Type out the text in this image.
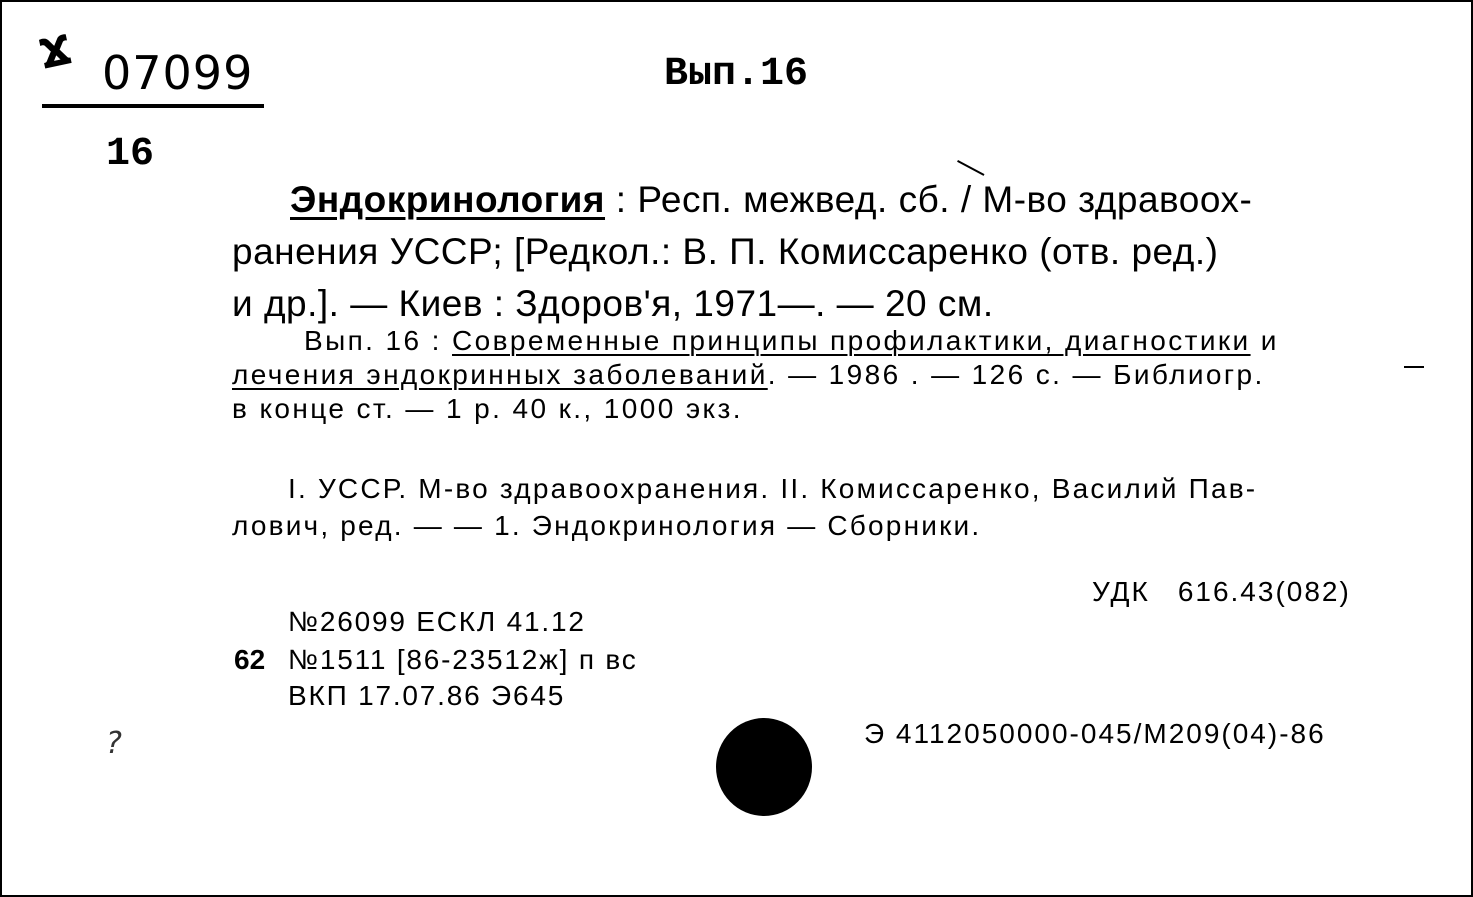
Ϫ 07099	Вып.16
16
Эндокринология : Респ. межвед. сб. / М-во здравоох-
ранения УССР; [Редкол.: В. П. Комиссаренко (отв. ред.)
и др.]. — Киев : Здоров'я, 1971—. — 20 см.
Вып. 16 : Современные принципы профилактики, диагностики и
лечения эндокринных заболеваний. — 1986 . — 126 с. — Библиогр.
в конце ст. — 1 р. 40 к., 1000 экз.
I. УССР. М-во здравоохранения. II. Комиссаренко, Василий Пав-
лович, ред. — — 1. Эндокринология — Сборники.
УДК 616.43(082)
№26099 ЕСКЛ 41.12
62 №1511 [86-23512ж] п вс
ВКП 17.07.86 Э645
Э 4112050000-045/М209(04)-86
?
